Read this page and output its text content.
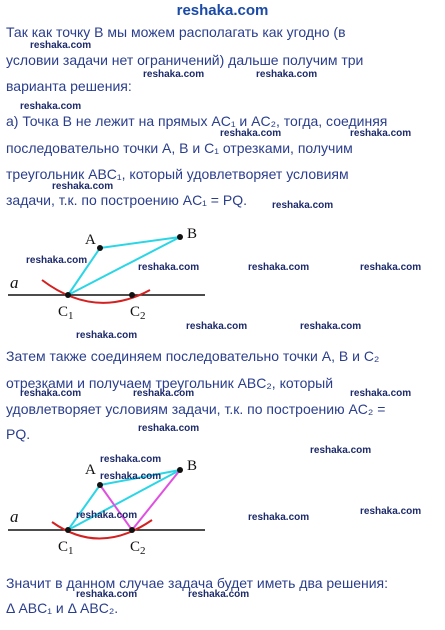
reshaka.com
Так как точку B мы можем располагать как угодно (в
условии задачи нет ограничений) дальше получим три
варианта решения:
а) Точка B не лежит на прямых AC₁ и AC₂, тогда, соединяя
последовательно точки A, B и C₁ отрезками, получим
треугольник ABC₁, который удовлетворяет условиям
задачи, т.к. по построению AC₁ = PQ.
A	B
$C_1$	$C_2$
a
Затем также соединяем последовательно точки A, B и C₂
отрезками и получаем треугольник ABC₂, который
удовлетворяет условиям задачи, т.к. по построению AC₂ =
PQ.
A	B
$C_1$	$C_2$
a
Значит в данном случае задача будет иметь два решения:
Δ ABC₁ и Δ ABC₂.
reshaka.com
reshaka.com	reshaka.com
reshaka.com
reshaka.com	reshaka.com
reshaka.com
reshaka.com
reshaka.com
reshaka.com	reshaka.com	reshaka.com
reshaka.com	reshaka.com
reshaka.com
reshaka.com	reshaka.com	reshaka.com
reshaka.com
reshaka.com
reshaka.com
reshaka.com
reshaka.com	reshaka.com
reshaka.com
reshaka.com	reshaka.com
